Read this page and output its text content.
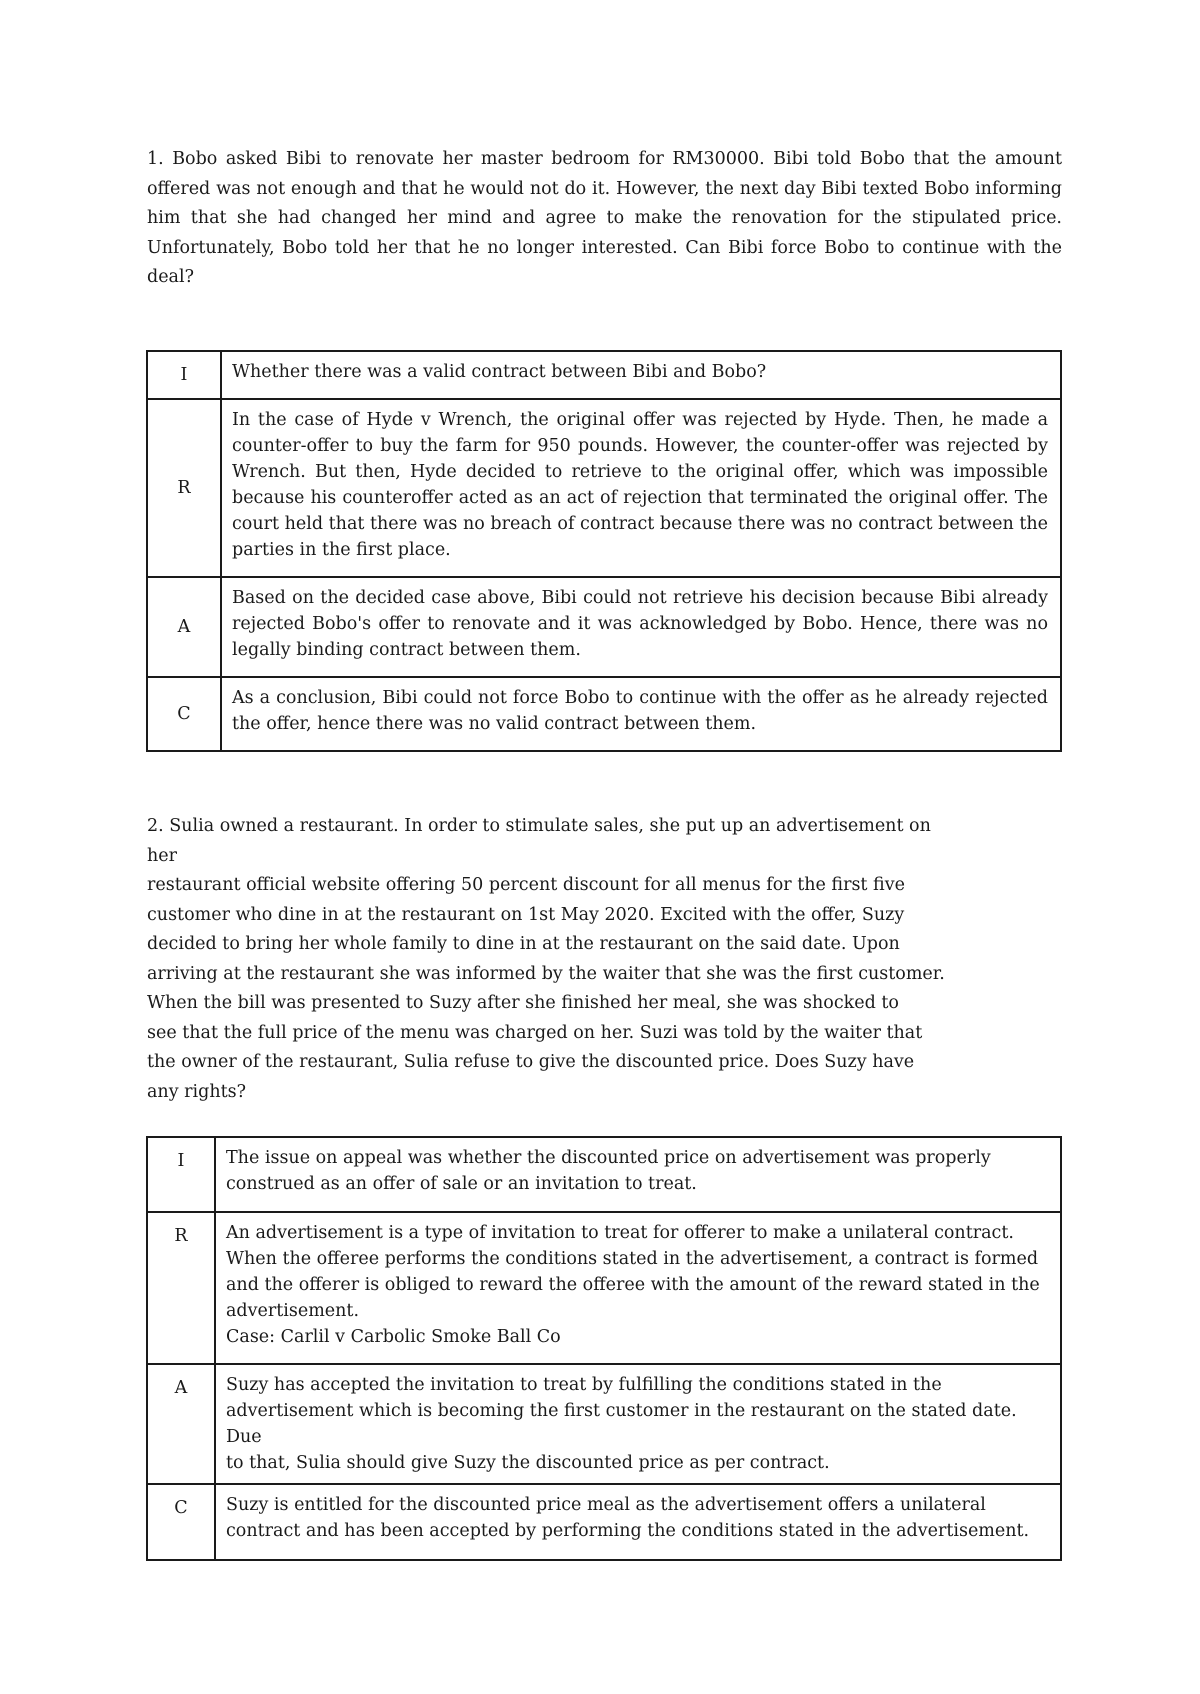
1. Bobo asked Bibi to renovate her master bedroom for RM30000. Bibi told Bobo that the amount offered was not enough and that he would not do it. However, the next day Bibi texted Bobo informing him that she had changed her mind and agree to make the renovation for the stipulated price. Unfortunately, Bobo told her that he no longer interested. Can Bibi force Bobo to continue with the deal?

I	Whether there was a valid contract between Bibi and Bobo?
R	In the case of Hyde v Wrench, the original offer was rejected by Hyde. Then, he made a counter-offer to buy the farm for 950 pounds. However, the counter-offer was rejected by Wrench. But then, Hyde decided to retrieve to the original offer, which was impossible because his counteroffer acted as an act of rejection that terminated the original offer. The court held that there was no breach of contract because there was no contract between the parties in the first place.
A	Based on the decided case above, Bibi could not retrieve his decision because Bibi already rejected Bobo's offer to renovate and it was acknowledged by Bobo. Hence, there was no legally binding contract between them.
C	As a conclusion, Bibi could not force Bobo to continue with the offer as he already rejected the offer, hence there was no valid contract between them.
2. Sulia owned a restaurant. In order to stimulate sales, she put up an advertisement on her
restaurant official website offering 50 percent discount for all menus for the first five
customer who dine in at the restaurant on 1st May 2020. Excited with the offer, Suzy
decided to bring her whole family to dine in at the restaurant on the said date. Upon
arriving at the restaurant she was informed by the waiter that she was the first customer.
When the bill was presented to Suzy after she finished her meal, she was shocked to
see that the full price of the menu was charged on her. Suzi was told by the waiter that
the owner of the restaurant, Sulia refuse to give the discounted price. Does Suzy have
any rights?
I	The issue on appeal was whether the discounted price on advertisement was properly
construed as an offer of sale or an invitation to treat.

R	An advertisement is a type of invitation to treat for offerer to make a unilateral contract.
When the offeree performs the conditions stated in the advertisement, a contract is formed
and the offerer is obliged to reward the offeree with the amount of the reward stated in the
advertisement.
Case: Carlil v Carbolic Smoke Ball Co

A	Suzy has accepted the invitation to treat by fulfilling the conditions stated in the
advertisement which is becoming the first customer in the restaurant on the stated date. Due
to that, Sulia should give Suzy the discounted price as per contract.

C	Suzy is entitled for the discounted price meal as the advertisement offers a unilateral
contract and has been accepted by performing the conditions stated in the advertisement.
